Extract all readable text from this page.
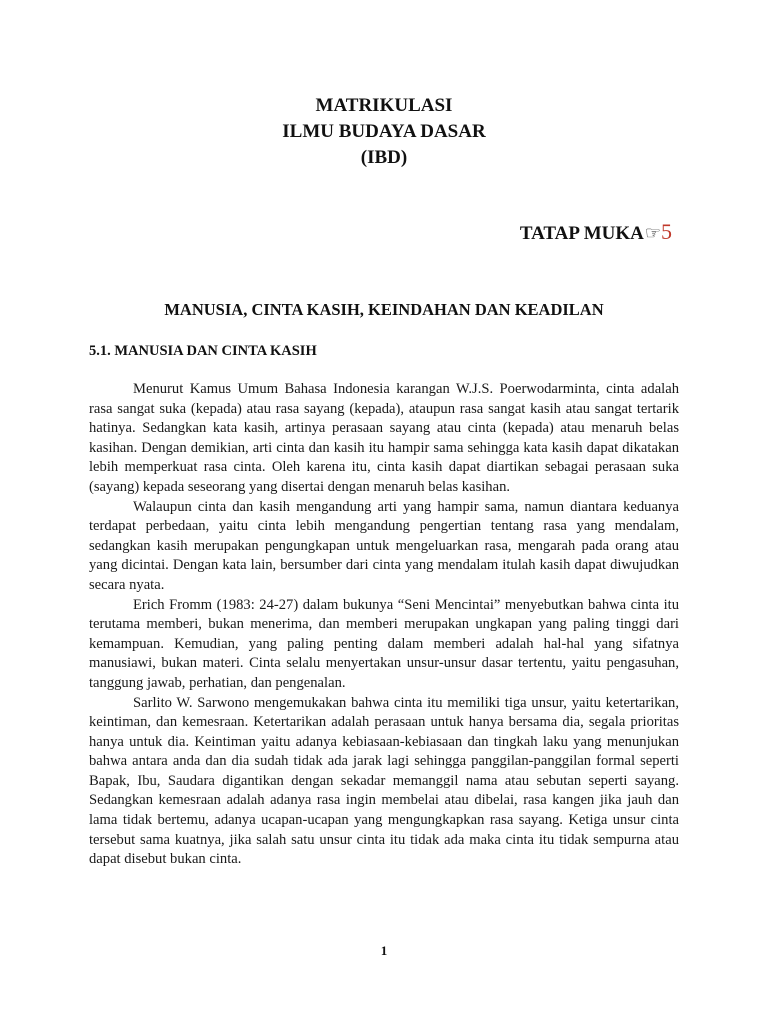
MATRIKULASI
ILMU BUDAYA DASAR
(IBD)
TATAP MUKA☞5
MANUSIA, CINTA KASIH, KEINDAHAN DAN KEADILAN
5.1. MANUSIA DAN CINTA KASIH

Menurut Kamus Umum Bahasa Indonesia karangan W.J.S. Poerwodarminta, cinta adalah rasa sangat suka (kepada) atau rasa sayang (kepada), ataupun rasa sangat kasih atau sangat tertarik hatinya. Sedangkan kata kasih, artinya perasaan sayang atau cinta (kepada) atau menaruh belas kasihan. Dengan demikian, arti cinta dan kasih itu hampir sama sehingga kata kasih dapat dikatakan lebih memperkuat rasa cinta. Oleh karena itu, cinta kasih dapat diartikan sebagai perasaan suka (sayang) kepada seseorang yang disertai dengan menaruh belas kasihan.

Walaupun cinta dan kasih mengandung arti yang hampir sama, namun diantara keduanya terdapat perbedaan, yaitu cinta lebih mengandung pengertian tentang rasa yang mendalam, sedangkan kasih merupakan pengungkapan untuk mengeluarkan rasa, mengarah pada orang atau yang dicintai. Dengan kata lain, bersumber dari cinta yang mendalam itulah kasih dapat diwujudkan secara nyata.

Erich Fromm (1983: 24-27) dalam bukunya “Seni Mencintai” menyebutkan bahwa cinta itu terutama memberi, bukan menerima, dan memberi merupakan ungkapan yang paling tinggi dari kemampuan. Kemudian, yang paling penting dalam memberi adalah hal-hal yang sifatnya manusiawi, bukan materi. Cinta selalu menyertakan unsur-unsur dasar tertentu, yaitu pengasuhan, tanggung jawab, perhatian, dan pengenalan.

Sarlito W. Sarwono mengemukakan bahwa cinta itu memiliki tiga unsur, yaitu ketertarikan, keintiman, dan kemesraan. Ketertarikan adalah perasaan untuk hanya bersama dia, segala prioritas hanya untuk dia. Keintiman yaitu adanya kebiasaan-kebiasaan dan tingkah laku yang menunjukan bahwa antara anda dan dia sudah tidak ada jarak lagi sehingga panggilan-panggilan formal seperti Bapak, Ibu, Saudara digantikan dengan sekadar memanggil nama atau sebutan seperti sayang. Sedangkan kemesraan adalah adanya rasa ingin membelai atau dibelai, rasa kangen jika jauh dan lama tidak bertemu, adanya ucapan-ucapan yang mengungkapkan rasa sayang. Ketiga unsur cinta tersebut sama kuatnya, jika salah satu unsur cinta itu tidak ada maka cinta itu tidak sempurna atau dapat disebut bukan cinta.

1
